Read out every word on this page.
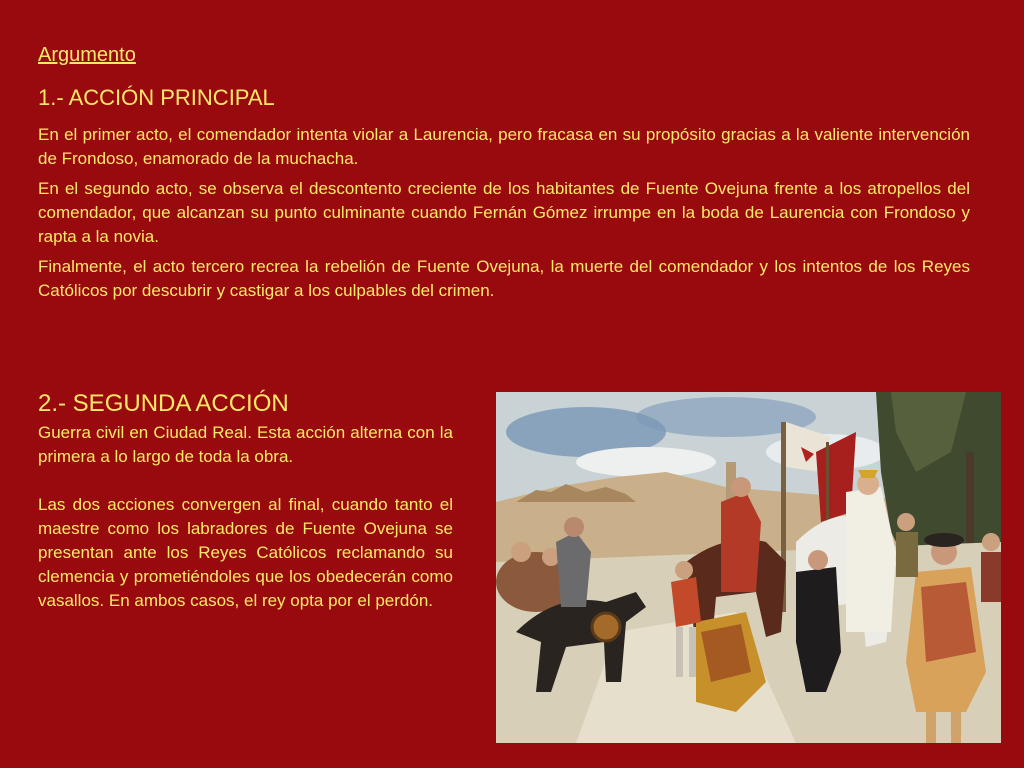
Argumento
1.- ACCIÓN PRINCIPAL

En el primer acto, el comendador intenta violar a Laurencia, pero fracasa en su propósito gracias a la valiente intervención de Frondoso, enamorado de la muchacha.

En el segundo acto, se observa el descontento creciente de los habitantes de Fuente Ovejuna frente a los atropellos del comendador, que alcanzan su punto culminante cuando Fernán Gómez irrumpe en la boda de Laurencia con Frondoso y rapta a la novia.

Finalmente, el acto tercero recrea la rebelión de Fuente Ovejuna, la muerte del comendador y los intentos de los Reyes Católicos por descubrir y castigar a los culpables del crimen.

2.- SEGUNDA ACCIÓN

Guerra civil en Ciudad Real. Esta acción alterna con la primera a lo largo de toda la obra.

Las dos acciones convergen al final, cuando tanto el maestre como los labradores de Fuente Ovejuna se presentan ante los Reyes Católicos reclamando su clemencia y prometiéndoles que los obedecerán como vasallos. En ambos casos, el rey opta por el perdón.
